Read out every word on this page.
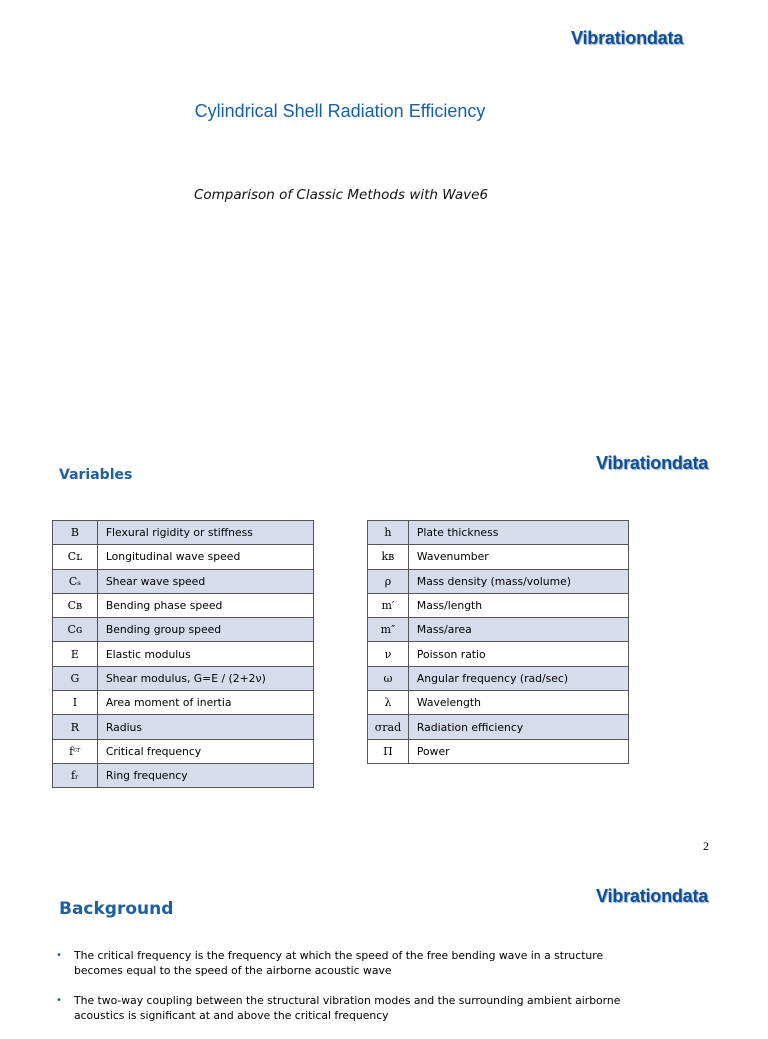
Vibrationdata
Cylindrical Shell Radiation Efficiency
Comparison of Classic Methods with Wave6
Vibrationdata
Variables
B	Flexural rigidity or stiffness
Cʟ	Longitudinal wave speed
Cₛ	Shear wave speed
Cʙ	Bending phase speed
Cɢ	Bending group speed
E	Elastic modulus
G	Shear modulus, G=E / (2+2ν)
I	Area moment of inertia
R	Radius
fᶜʳ	Critical frequency
fᵣ	Ring frequency
h	Plate thickness
kʙ	Wavenumber
ρ	Mass density (mass/volume)
m′	Mass/length
m″	Mass/area
ν	Poisson ratio
ω	Angular frequency (rad/sec)
λ	Wavelength
σrad	Radiation efficiency
Π	Power
2
Vibrationdata
Background
• The critical frequency is the frequency at which the speed of the free bending wave in a structure becomes equal to the speed of the airborne acoustic wave
• The two-way coupling between the structural vibration modes and the surrounding ambient airborne acoustics is significant at and above the critical frequency
